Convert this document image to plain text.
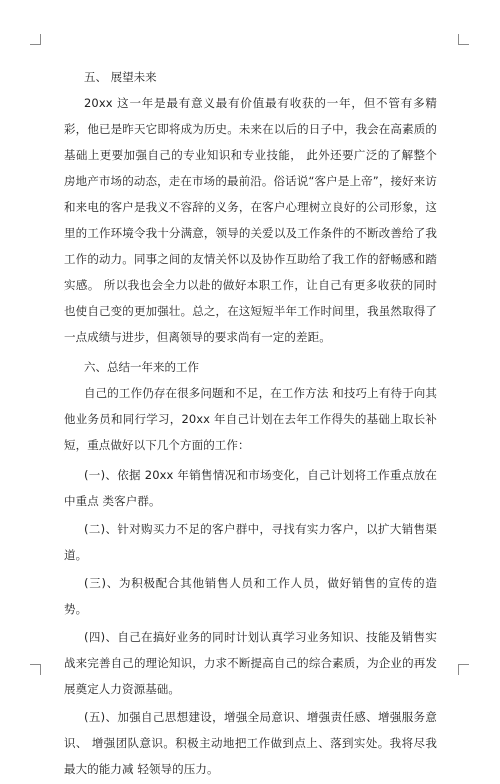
五、 展望未来

20xx 这一年是最有意义最有价值最有收获的一年，但不管有多精彩，他已是昨天它即将成为历史。未来在以后的日子中，我会在高素质的基础上更要加强自己的专业知识和专业技能， 此外还要广泛的了解整个房地产市场的动态，走在市场的最前沿。俗话说“客户是上帝”，接好来访和来电的客户是我义不容辞的义务，在客户心理树立良好的公司形象，这里的工作环境令我十分满意，领导的关爱以及工作条件的不断改善给了我工作的动力。同事之间的友情关怀以及协作互助给了我工作的舒畅感和踏实感。 所以我也会全力以赴的做好本职工作，让自己有更多收获的同时也使自己变的更加强壮。总之，在这短短半年工作时间里，我虽然取得了一点成绩与进步，但离领导的要求尚有一定的差距。

六、总结一年来的工作

自己的工作仍存在很多问题和不足，在工作方法 和技巧上有待于向其他业务员和同行学习，20xx 年自己计划在去年工作得失的基础上取长补短，重点做好以下几个方面的工作：

(一)、依据 20xx 年销售情况和市场变化，自己计划将工作重点放在中重点 类客户群。

(二)、针对购买力不足的客户群中，寻找有实力客户，以扩大销售渠道。

(三)、为积极配合其他销售人员和工作人员，做好销售的宣传的造势。

(四)、自己在搞好业务的同时计划认真学习业务知识、技能及销售实战来完善自己的理论知识，力求不断提高自己的综合素质，为企业的再发展奠定人力资源基础。

(五)、加强自己思想建设，增强全局意识、增强责任感、增强服务意识、 增强团队意识。积极主动地把工作做到点上、落到实处。我将尽我最大的能力减 轻领导的压力。
